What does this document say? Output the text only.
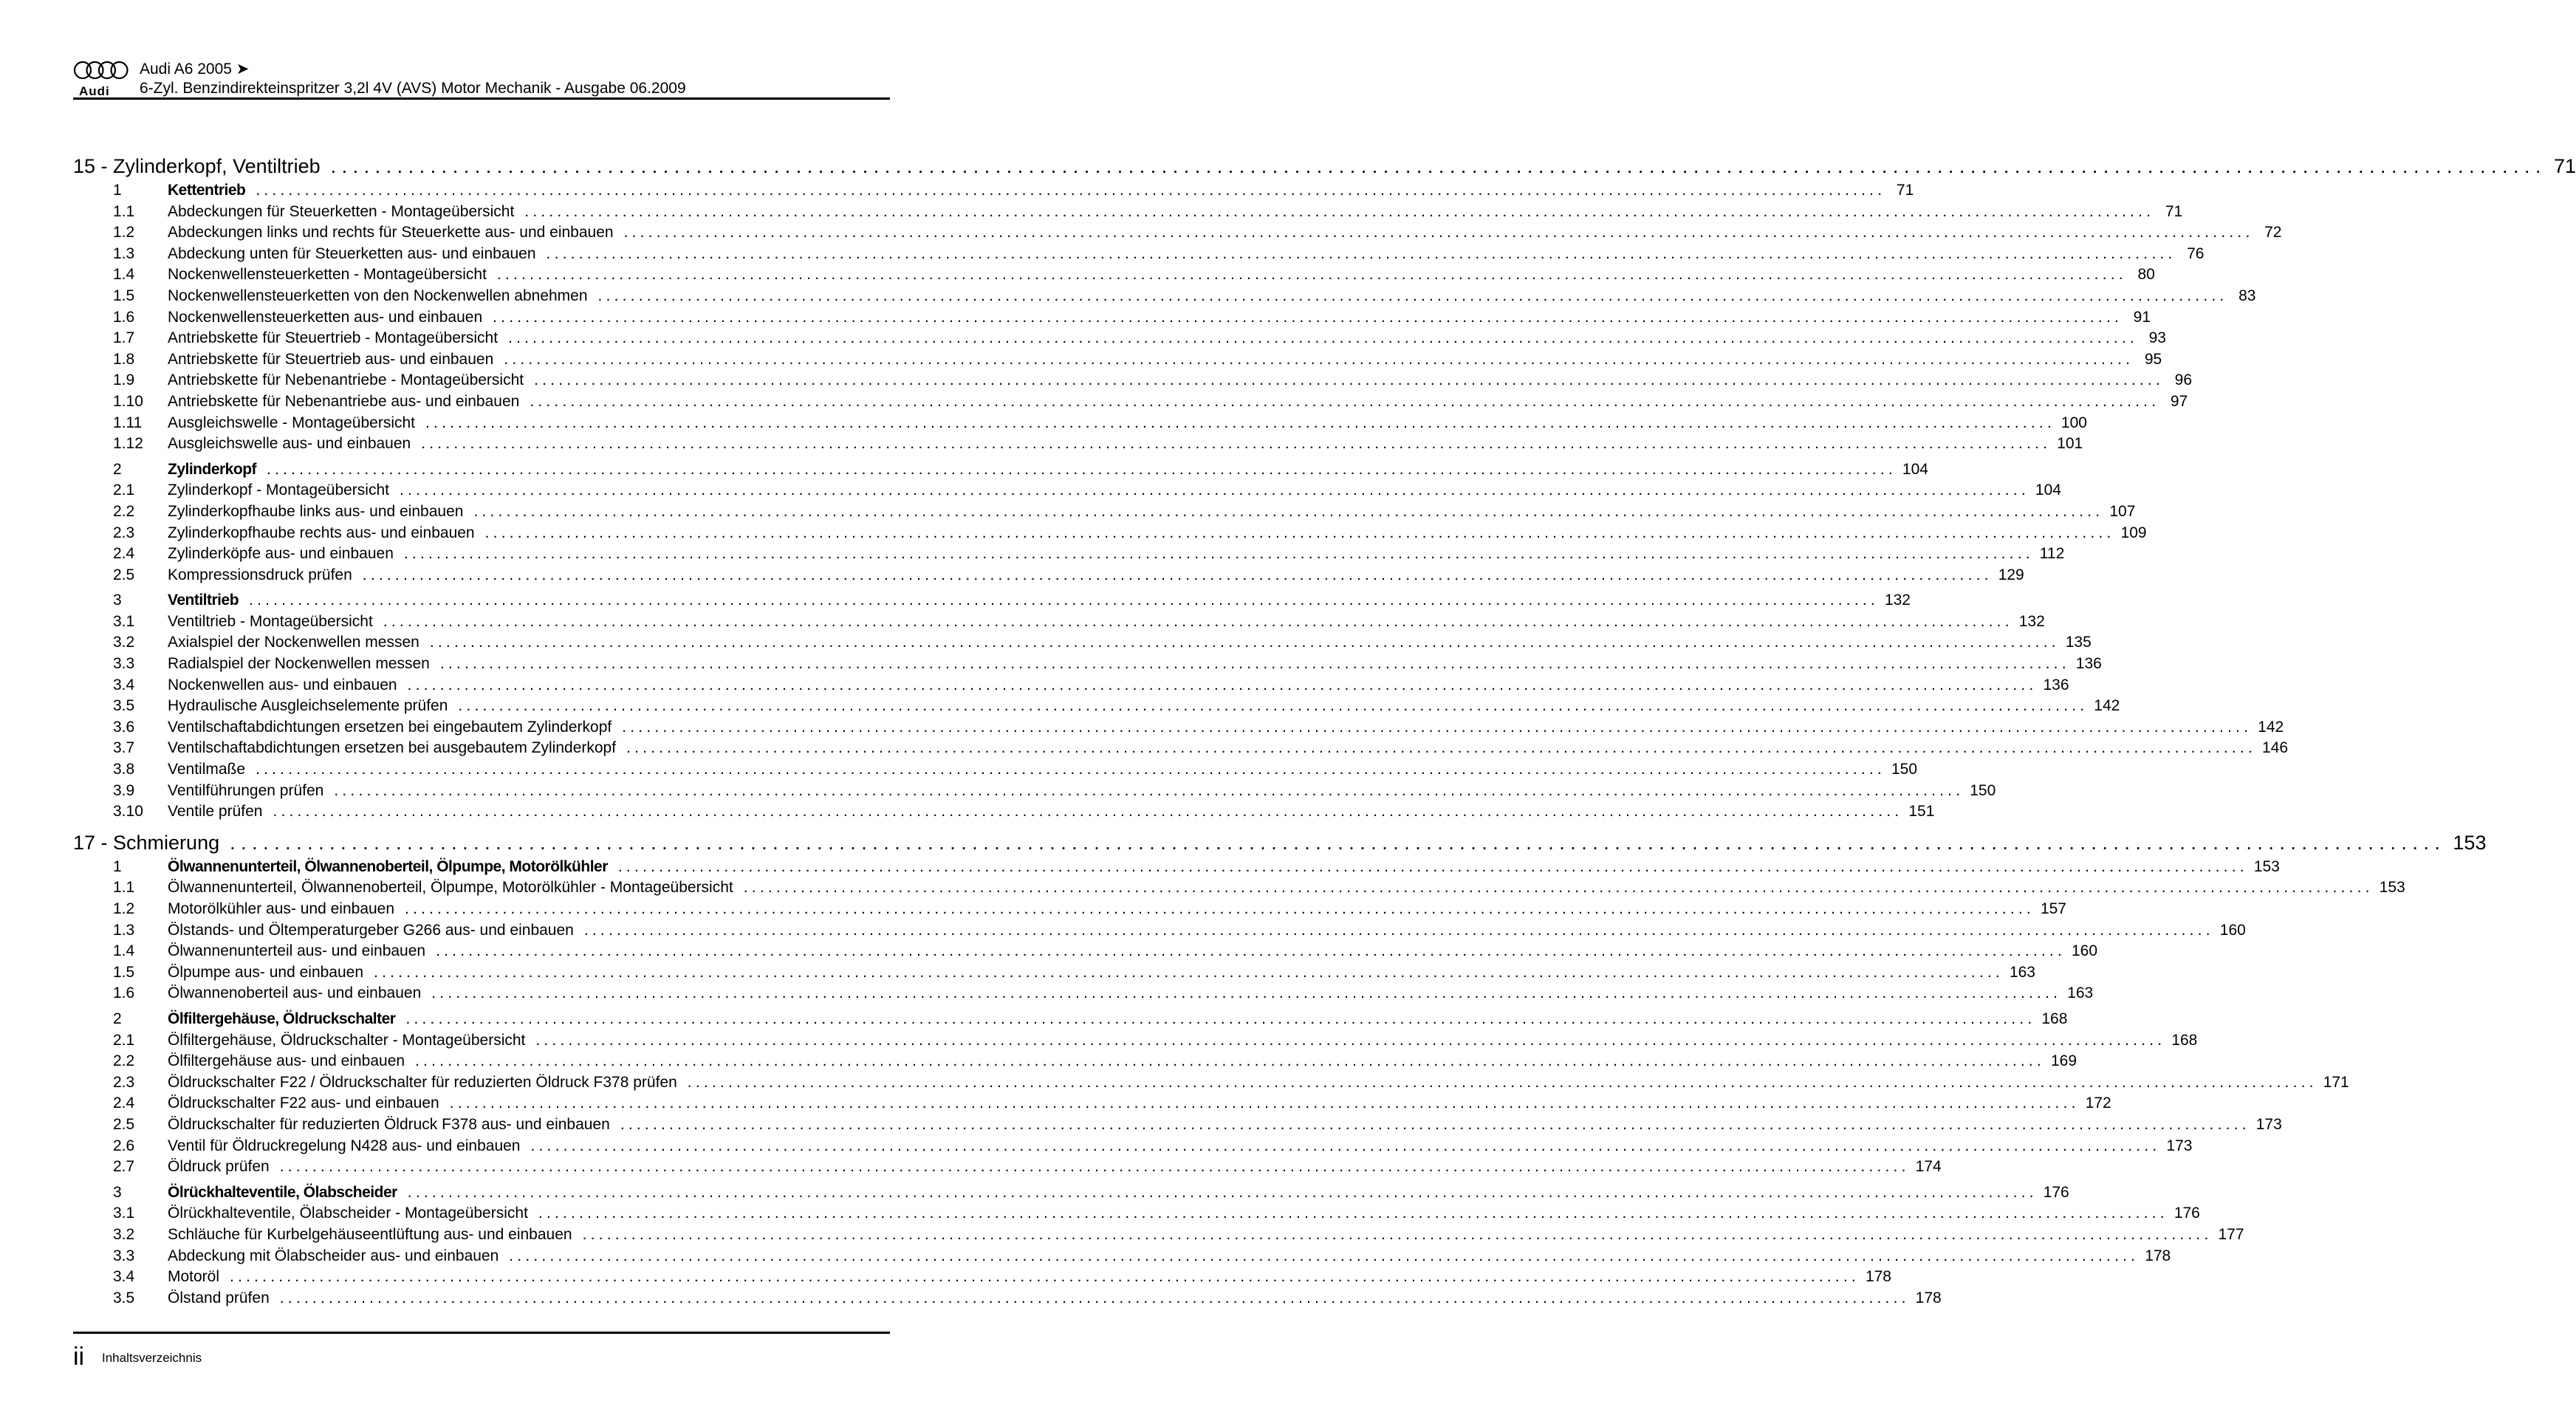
Audi
Audi A6 2005 ➤
6-Zyl. Benzindirekteinspritzer 3,2l 4V (AVS) Motor Mechanik - Ausgabe 06.2009
15 - Zylinderkopf, Ventiltrieb ........................................................................................................................................................................................................ 71
1	Kettentrieb ........................................................................................................................................................................................................ 71
1.1	Abdeckungen für Steuerketten - Montageübersicht ........................................................................................................................................................................................................ 71
1.2	Abdeckungen links und rechts für Steuerkette aus- und einbauen ........................................................................................................................................................................................................ 72
1.3	Abdeckung unten für Steuerketten aus- und einbauen ........................................................................................................................................................................................................ 76
1.4	Nockenwellensteuerketten - Montageübersicht ........................................................................................................................................................................................................ 80
1.5	Nockenwellensteuerketten von den Nockenwellen abnehmen ........................................................................................................................................................................................................ 83
1.6	Nockenwellensteuerketten aus- und einbauen ........................................................................................................................................................................................................ 91
1.7	Antriebskette für Steuertrieb - Montageübersicht ........................................................................................................................................................................................................ 93
1.8	Antriebskette für Steuertrieb aus- und einbauen ........................................................................................................................................................................................................ 95
1.9	Antriebskette für Nebenantriebe - Montageübersicht ........................................................................................................................................................................................................ 96
1.10	Antriebskette für Nebenantriebe aus- und einbauen ........................................................................................................................................................................................................ 97
1.11	Ausgleichswelle - Montageübersicht ........................................................................................................................................................................................................ 100
1.12	Ausgleichswelle aus- und einbauen ........................................................................................................................................................................................................ 101
2	Zylinderkopf ........................................................................................................................................................................................................ 104
2.1	Zylinderkopf - Montageübersicht ........................................................................................................................................................................................................ 104
2.2	Zylinderkopfhaube links aus- und einbauen ........................................................................................................................................................................................................ 107
2.3	Zylinderkopfhaube rechts aus- und einbauen ........................................................................................................................................................................................................ 109
2.4	Zylinderköpfe aus- und einbauen ........................................................................................................................................................................................................ 112
2.5	Kompressionsdruck prüfen ........................................................................................................................................................................................................ 129
3	Ventiltrieb ........................................................................................................................................................................................................ 132
3.1	Ventiltrieb - Montageübersicht ........................................................................................................................................................................................................ 132
3.2	Axialspiel der Nockenwellen messen ........................................................................................................................................................................................................ 135
3.3	Radialspiel der Nockenwellen messen ........................................................................................................................................................................................................ 136
3.4	Nockenwellen aus- und einbauen ........................................................................................................................................................................................................ 136
3.5	Hydraulische Ausgleichselemente prüfen ........................................................................................................................................................................................................ 142
3.6	Ventilschaftabdichtungen ersetzen bei eingebautem Zylinderkopf ........................................................................................................................................................................................................ 142
3.7	Ventilschaftabdichtungen ersetzen bei ausgebautem Zylinderkopf ........................................................................................................................................................................................................ 146
3.8	Ventilmaße ........................................................................................................................................................................................................ 150
3.9	Ventilführungen prüfen ........................................................................................................................................................................................................ 150
3.10	Ventile prüfen ........................................................................................................................................................................................................ 151
17 - Schmierung ........................................................................................................................................................................................................ 153
1	Ölwannenunterteil, Ölwannenoberteil, Ölpumpe, Motorölkühler ........................................................................................................................................................................................................ 153
1.1	Ölwannenunterteil, Ölwannenoberteil, Ölpumpe, Motorölkühler - Montageübersicht ........................................................................................................................................................................................................ 153
1.2	Motorölkühler aus- und einbauen ........................................................................................................................................................................................................ 157
1.3	Ölstands- und Öltemperaturgeber G266 aus- und einbauen ........................................................................................................................................................................................................ 160
1.4	Ölwannenunterteil aus- und einbauen ........................................................................................................................................................................................................ 160
1.5	Ölpumpe aus- und einbauen ........................................................................................................................................................................................................ 163
1.6	Ölwannenoberteil aus- und einbauen ........................................................................................................................................................................................................ 163
2	Ölfiltergehäuse, Öldruckschalter ........................................................................................................................................................................................................ 168
2.1	Ölfiltergehäuse, Öldruckschalter - Montageübersicht ........................................................................................................................................................................................................ 168
2.2	Ölfiltergehäuse aus- und einbauen ........................................................................................................................................................................................................ 169
2.3	Öldruckschalter F22 / Öldruckschalter für reduzierten Öldruck F378 prüfen ........................................................................................................................................................................................................ 171
2.4	Öldruckschalter F22 aus- und einbauen ........................................................................................................................................................................................................ 172
2.5	Öldruckschalter für reduzierten Öldruck F378 aus- und einbauen ........................................................................................................................................................................................................ 173
2.6	Ventil für Öldruckregelung N428 aus- und einbauen ........................................................................................................................................................................................................ 173
2.7	Öldruck prüfen ........................................................................................................................................................................................................ 174
3	Ölrückhalteventile, Ölabscheider ........................................................................................................................................................................................................ 176
3.1	Ölrückhalteventile, Ölabscheider - Montageübersicht ........................................................................................................................................................................................................ 176
3.2	Schläuche für Kurbelgehäuseentlüftung aus- und einbauen ........................................................................................................................................................................................................ 177
3.3	Abdeckung mit Ölabscheider aus- und einbauen ........................................................................................................................................................................................................ 178
3.4	Motoröl ........................................................................................................................................................................................................ 178
3.5	Ölstand prüfen ........................................................................................................................................................................................................ 178
ii Inhaltsverzeichnis
